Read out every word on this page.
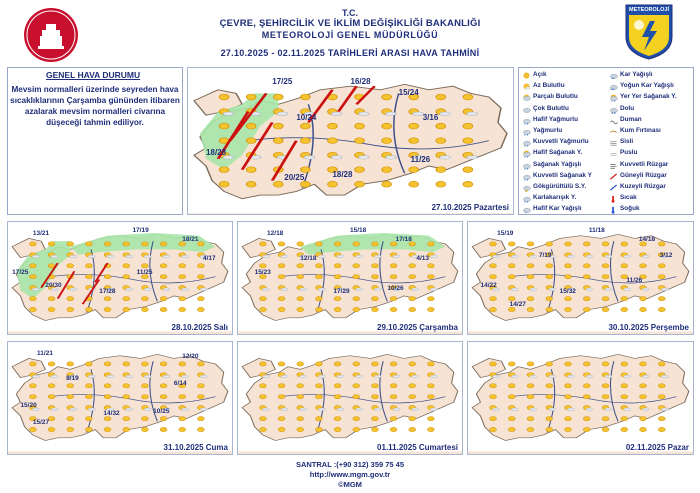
T.C.
ÇEVRE, ŞEHİRCİLİK VE İKLİM DEĞİŞİKLİĞİ BAKANLIĞI
METEOROLOJİ GENEL MÜDÜRLÜĞÜ
27.10.2025 - 02.11.2025 TARİHLERİ ARASI HAVA TAHMİNİ
METEOROLOJİ
GENEL HAVA DURUMU
Mevsim normalleri üzerinde seyreden hava sıcaklıklarının Çarşamba gününden itibaren azalarak mevsim normalleri civarına düşeceği tahmin ediliyor.
Açık
Az Bulutlu
Parçalı Bulutlu
Çok Bulutlu
Hafif Yağmurlu
Yağmurlu
Kuvvetli Yağmurlu
Hafif Sağanak Y.
Sağanak Yağışlı
Kuvvetli Sağanak Y
Gökgürültülü S.Y.
Karlakarışık Y.
*
Hafif Kar Yağışlı
**
Kar Yağışlı
***
Yoğun Kar Yağışlı
Yer Yer Sağanak Y.
Dolu
Duman
Kum Fırtınası
Sisli
Puslu
Kuvvetli Rüzgar
Güneyli Rüzgar
Kuzeyli Rüzgar
Sıcak
Soğuk
17/25	16/28
15/24
10/24	3/16
18/28
20/25	18/28
11/26
27.10.2025 Pazartesi
13/21	17/19
18/21
4/17
17/25	11/25
20/30
17/28
28.10.2025 Salı
12/18	15/18
17/18
4/13
12/18
15/23
17/29	10/26
29.10.2025 Çarşamba
15/19	11/18
14/18
7/19	3/12
14/22
15/32
11/26
14/27
30.10.2025 Perşembe
11/21	12/20
8/19
6/14
15/20
10/25
15/27
14/32
31.10.2025 Cuma	01.11.2025 Cumartesi	02.11.2025 Pazar
SANTRAL :(+90 312) 359 75 45
http://www.mgm.gov.tr
©MGM
